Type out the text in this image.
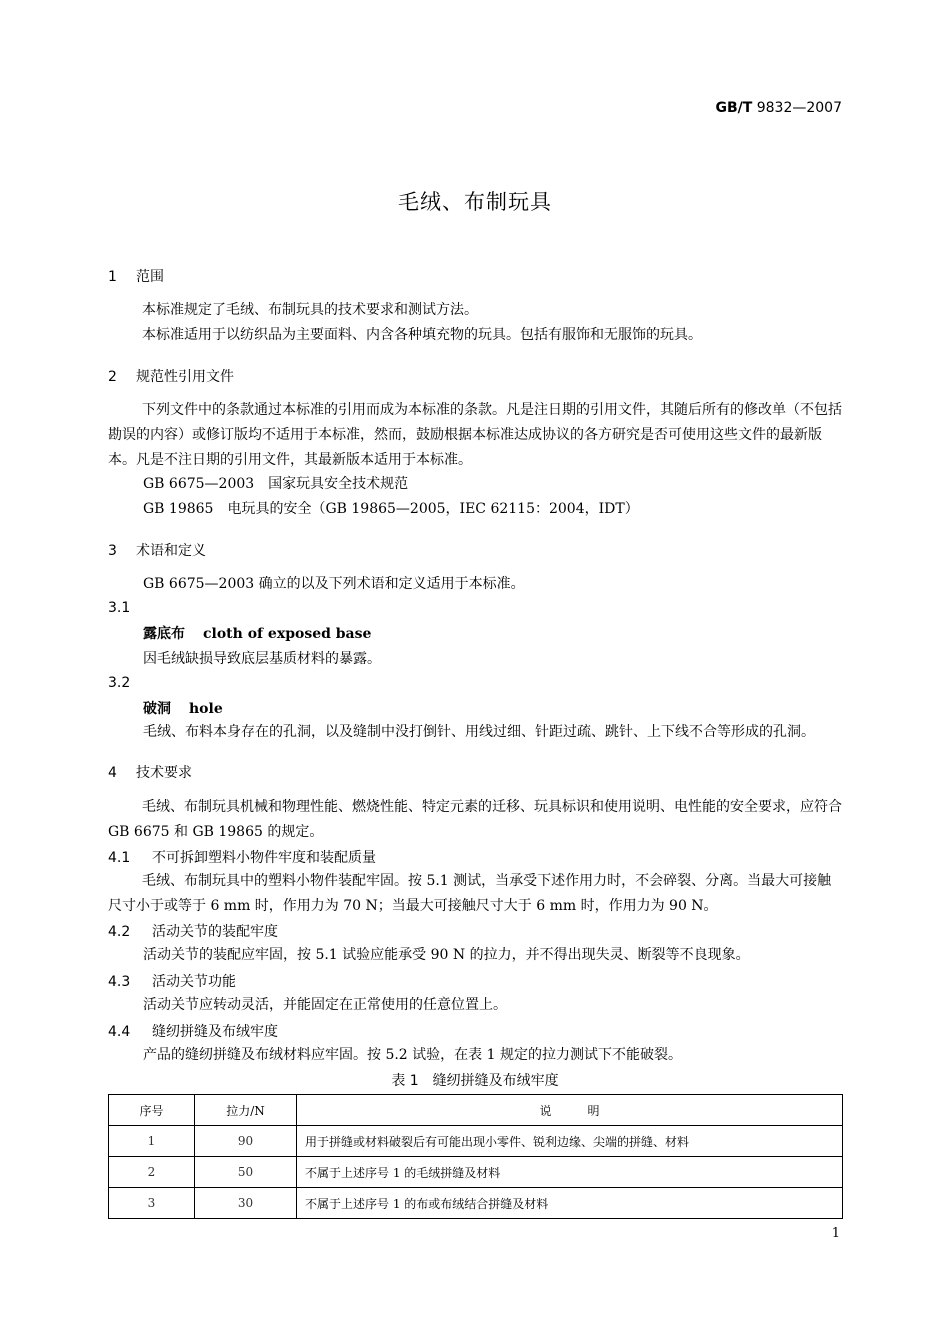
GB/T 9832—2007
毛绒、布制玩具
1 范围
本标准规定了毛绒、布制玩具的技术要求和测试方法。
本标准适用于以纺织品为主要面料、内含各种填充物的玩具。包括有服饰和无服饰的玩具。
2 规范性引用文件
下列文件中的条款通过本标准的引用而成为本标准的条款。凡是注日期的引用文件，其随后所有的修改单（不包括勘误的内容）或修订版均不适用于本标准，然而，鼓励根据本标准达成协议的各方研究是否可使用这些文件的最新版本。凡是不注日期的引用文件，其最新版本适用于本标准。
GB 6675—2003　国家玩具安全技术规范
GB 19865　电玩具的安全（GB 19865—2005，IEC 62115：2004，IDT）
3 术语和定义
GB 6675—2003 确立的以及下列术语和定义适用于本标准。
3.1
露底布 cloth of exposed base
因毛绒缺损导致底层基质材料的暴露。
3.2
破洞 hole
毛绒、布料本身存在的孔洞，以及缝制中没打倒针、用线过细、针距过疏、跳针、上下线不合等形成的孔洞。
4 技术要求
毛绒、布制玩具机械和物理性能、燃烧性能、特定元素的迁移、玩具标识和使用说明、电性能的安全要求，应符合 GB 6675 和 GB 19865 的规定。
4.1 不可拆卸塑料小物件牢度和装配质量
毛绒、布制玩具中的塑料小物件装配牢固。按 5.1 测试，当承受下述作用力时，不会碎裂、分离。当最大可接触尺寸小于或等于 6 mm 时，作用力为 70 N；当最大可接触尺寸大于 6 mm 时，作用力为 90 N。
4.2 活动关节的装配牢度
活动关节的装配应牢固，按 5.1 试验应能承受 90 N 的拉力，并不得出现失灵、断裂等不良现象。
4.3 活动关节功能
活动关节应转动灵活，并能固定在正常使用的任意位置上。
4.4 缝纫拼缝及布绒牢度
产品的缝纫拼缝及布绒材料应牢固。按 5.2 试验，在表 1 规定的拉力测试下不能破裂。
表 1　缝纫拼缝及布绒牢度
序号	拉力/N	说　　　明
1	90	用于拼缝或材料破裂后有可能出现小零件、锐利边缘、尖端的拼缝、材料
2	50	不属于上述序号 1 的毛绒拼缝及材料
3	30	不属于上述序号 1 的布或布绒结合拼缝及材料
1
